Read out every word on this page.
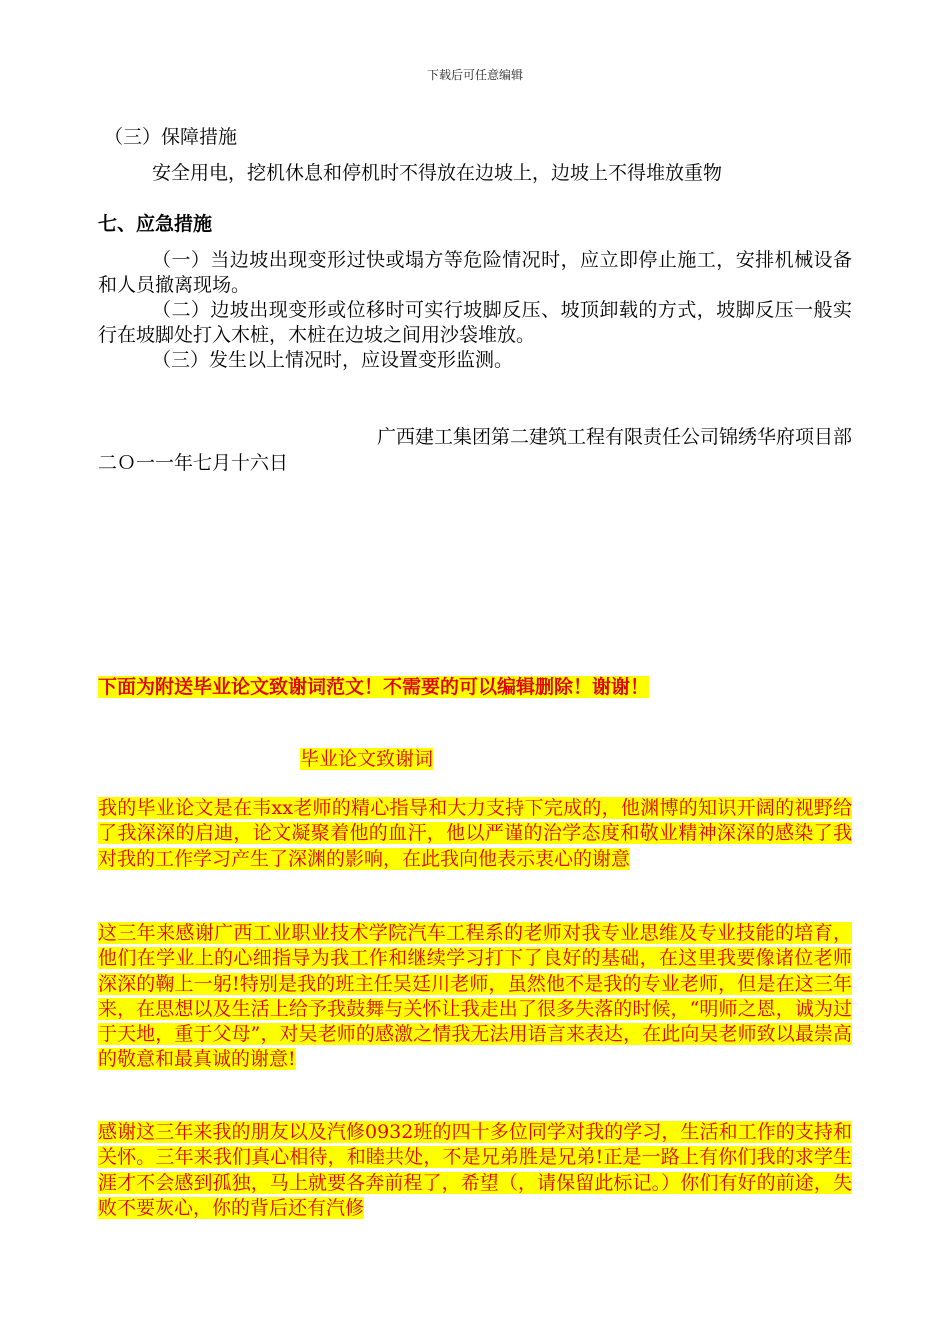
下载后可任意编辑
（三）保障措施
安全用电，挖机休息和停机时不得放在边坡上，边坡上不得堆放重物
七、应急措施
（一）当边坡出现变形过快或塌方等危险情况时，应立即停止施工，安排机械设备和人员撤离现场。
（二）边坡出现变形或位移时可实行坡脚反压、坡顶卸载的方式，坡脚反压一般实行在坡脚处打入木桩，木桩在边坡之间用沙袋堆放。
（三）发生以上情况时，应设置变形监测。
广西建工集团第二建筑工程有限责任公司锦绣华府项目部
二Ｏ一一年七月十六日
下面为附送毕业论文致谢词范文！不需要的可以编辑删除！谢谢！
毕业论文致谢词
我的毕业论文是在韦xx老师的精心指导和大力支持下完成的，他渊博的知识开阔的视野给了我深深的启迪，论文凝聚着他的血汗，他以严谨的治学态度和敬业精神深深的感染了我对我的工作学习产生了深渊的影响，在此我向他表示衷心的谢意
这三年来感谢广西工业职业技术学院汽车工程系的老师对我专业思维及专业技能的培育，他们在学业上的心细指导为我工作和继续学习打下了良好的基础，在这里我要像诸位老师深深的鞠上一躬!特别是我的班主任吴廷川老师，虽然他不是我的专业老师，但是在这三年来，在思想以及生活上给予我鼓舞与关怀让我走出了很多失落的时候，“明师之恩，诚为过于天地，重于父母”，对吴老师的感激之情我无法用语言来表达，在此向吴老师致以最崇高的敬意和最真诚的谢意!
感谢这三年来我的朋友以及汽修0932班的四十多位同学对我的学习，生活和工作的支持和关怀。三年来我们真心相待，和睦共处，不是兄弟胜是兄弟!正是一路上有你们我的求学生涯才不会感到孤独，马上就要各奔前程了，希望（，请保留此标记。）你们有好的前途，失败不要灰心，你的背后还有汽修
